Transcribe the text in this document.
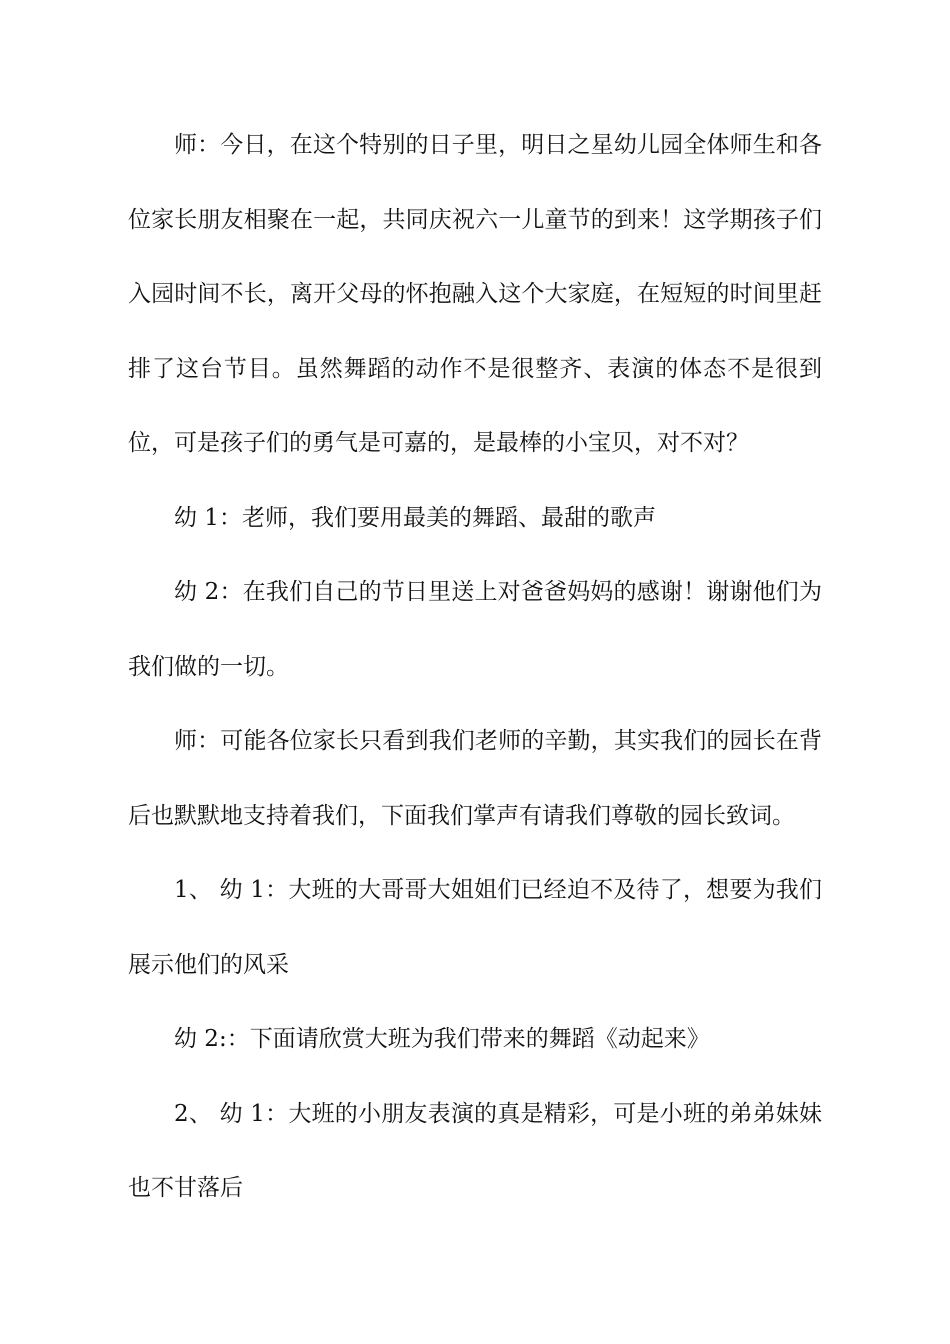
师：今日，在这个特别的日子里，明日之星幼儿园全体师生和各位家长朋友相聚在一起，共同庆祝六一儿童节的到来！这学期孩子们入园时间不长，离开父母的怀抱融入这个大家庭，在短短的时间里赶排了这台节目。虽然舞蹈的动作不是很整齐、表演的体态不是很到位，可是孩子们的勇气是可嘉的，是最棒的小宝贝，对不对？

幼 1：老师，我们要用最美的舞蹈、最甜的歌声

幼 2：在我们自己的节日里送上对爸爸妈妈的感谢！谢谢他们为我们做的一切。

师：可能各位家长只看到我们老师的辛勤，其实我们的园长在背后也默默地支持着我们，下面我们掌声有请我们尊敬的园长致词。

1、 幼 1：大班的大哥哥大姐姐们已经迫不及待了，想要为我们展示他们的风采

幼 2:：下面请欣赏大班为我们带来的舞蹈《动起来》

2、 幼 1：大班的小朋友表演的真是精彩，可是小班的弟弟妹妹也不甘落后
